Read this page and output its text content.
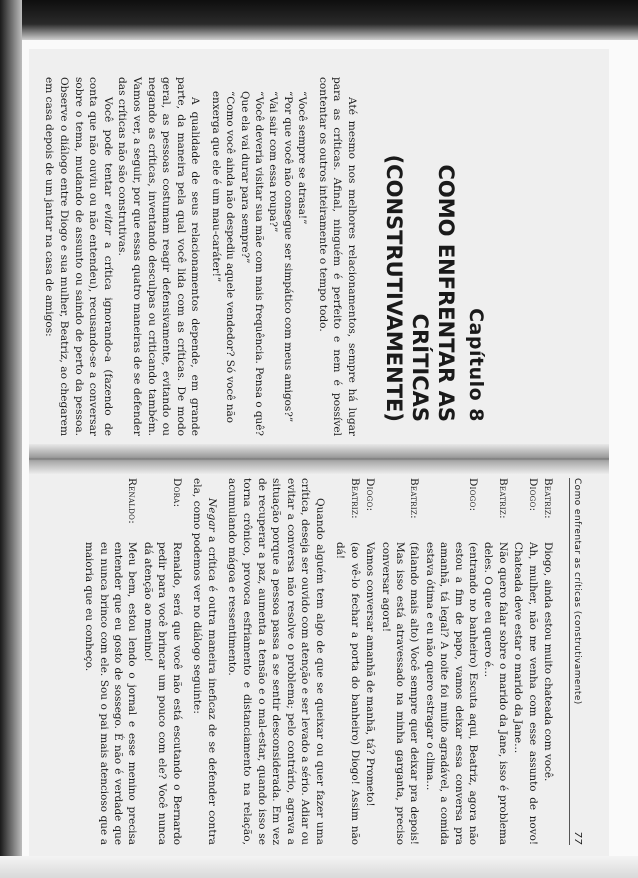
Capítulo 8
COMO ENFRENTAR AS CRÍTICAS
(CONSTRUTIVAMENTE)

Até mesmo nos melhores relacionamentos, sempre há lugar para as críticas. Afinal, ninguém é perfeito e nem é possível contentar os outros inteiramente o tempo todo.

“Você sempre se atrasa!”

“Por que você não consegue ser simpático com meus amigos?”

“Vai sair com essa roupa?”

“Você deveria visitar sua mãe com mais frequência. Pensa o quê? Que ela vai durar para sempre?”

“Como você ainda não despediu aquele vendedor? Só você não enxerga que ele é um mau-caráter!”

A qualidade de seus relacionamentos depende, em grande parte, da maneira pela qual você lida com as críticas. De modo geral, as pessoas costumam reagir defensivamente, evitando ou negando as críticas, inventando desculpas ou criticando também. Vamos ver, a seguir, por que essas quatro maneiras de se defender das críticas não são construtivas.

Você pode tentar evitar a crítica ignorando-a (fazendo de conta que não ouviu ou não entendeu), recusando-se a conversar sobre o tema, mudando de assunto ou saindo de perto da pessoa. Observe o diálogo entre Diogo e sua mulher, Beatriz, ao chegarem em casa depois de um jantar na casa de amigos:

Como enfrentar as críticas (construtivamente)
77
Beatriz:
Diogo, ainda estou muito chateada com você.
Diogo:
Ah, mulher, não me venha com esse assunto de novo! Chateada deve estar o marido da Jane...
Beatriz:
Não quero falar sobre o marido da Jane, isso é problema deles. O que eu quero é...
Diogo:
(entrando no banheiro) Escuta aqui, Beatriz, agora não estou a fim de papo, vamos deixar essa conversa pra amanhã, tá legal? A noite foi muito agradável, a comida estava ótima e eu não quero estragar o clima...
Beatriz:
(falando mais alto) Você sempre quer deixar pra depois! Mas isso está atravessado na minha garganta, preciso conversar agora!
Diogo:
Vamos conversar amanhã de manhã, tá? Prometo!
Beatriz:
(ao vê-lo fechar a porta do banheiro) Diogo! Assim não dá!

Quando alguém tem algo de que se queixar ou quer fazer uma crítica, deseja ser ouvido com atenção e ser levado a sério. Adiar ou evitar a conversa não resolve o problema; pelo contrário, agrava a situação porque a pessoa passa a se sentir desconsiderada. Em vez de recuperar a paz, aumenta a tensão e o mal-estar, quando isso se torna crônico, provoca esfriamento e distanciamento na relação, acumulando mágoa e ressentimento.

Negar a crítica é outra maneira ineficaz de se defender contra ela, como podemos ver no diálogo seguinte:

Dora:
Renaldo, será que você não está escutando o Bernardo pedir para você brincar um pouco com ele? Você nunca dá atenção ao menino!
Renaldo:
Meu bem, estou lendo o jornal e esse menino precisa entender que eu gosto de sossego. É não é verdade que eu nunca brinco com ele. Sou o pai mais atencioso que a maioria que eu conheço.
